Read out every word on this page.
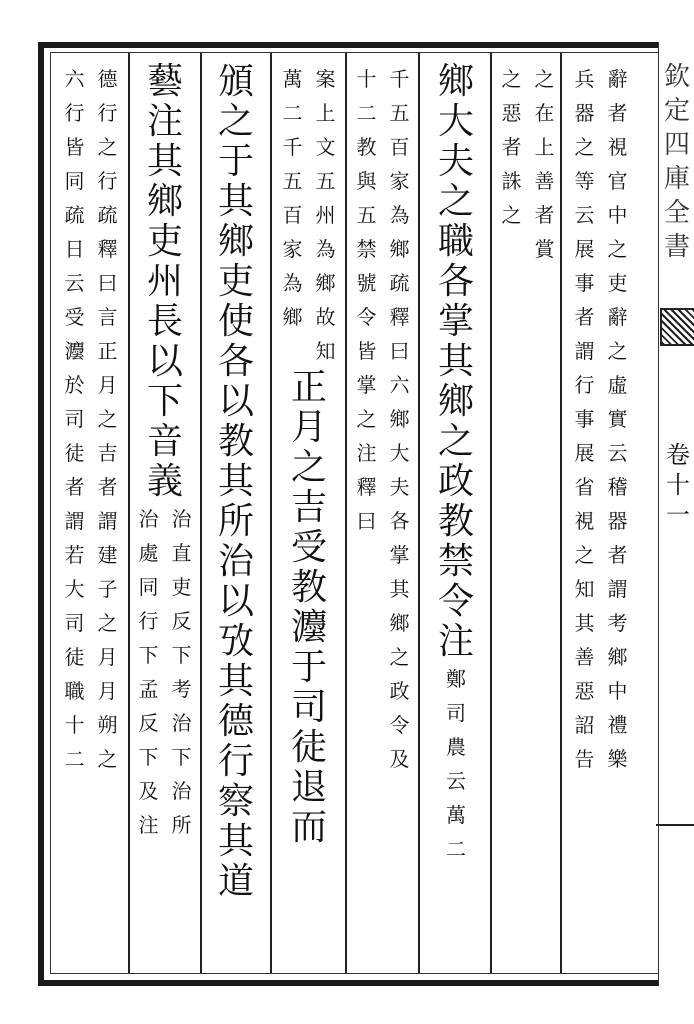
欽
定
四
庫
全
書
卷
十
一
辭
者
視
官
中
之
吏
辭
之
虛
實
云
稽
器
者
謂
考
鄉
中
禮
樂
兵
器
之
等
云
展
事
者
謂
行
事
展
省
視
之
知
其
善
惡
詔
告
之
在
上
善
者
賞
之
惡
者
誅
之
鄉
大
夫
之
職
各
掌
其
鄉
之
政
教
禁
令
注
鄭
司
農
云
萬
二
千
五
百
家
為
鄉
疏
釋
曰
六
鄉
大
夫
各
掌
其
鄉
之
政
令
及
十
二
教
與
五
禁
號
令
皆
掌
之
注
釋
曰
案
上
文
五
州
為
鄉
故
知
萬
二
千
五
百
家
為
鄉
正
月
之
吉
受
教
灋
于
司
徒
退
而
頒
之
于
其
鄉
吏
使
各
以
教
其
所
治
以
攷
其
德
行
察
其
道
藝
注
其
鄉
吏
州
長
以
下
音
義
治
直
吏
反
下
考
治
下
治
所
治
處
同
行
下
孟
反
下
及
注
德
行
之
行
疏
釋
曰
言
正
月
之
吉
者
謂
建
子
之
月
月
朔
之
六
行
皆
同
疏
日
云
受
灋
於
司
徒
者
謂
若
大
司
徒
職
十
二
